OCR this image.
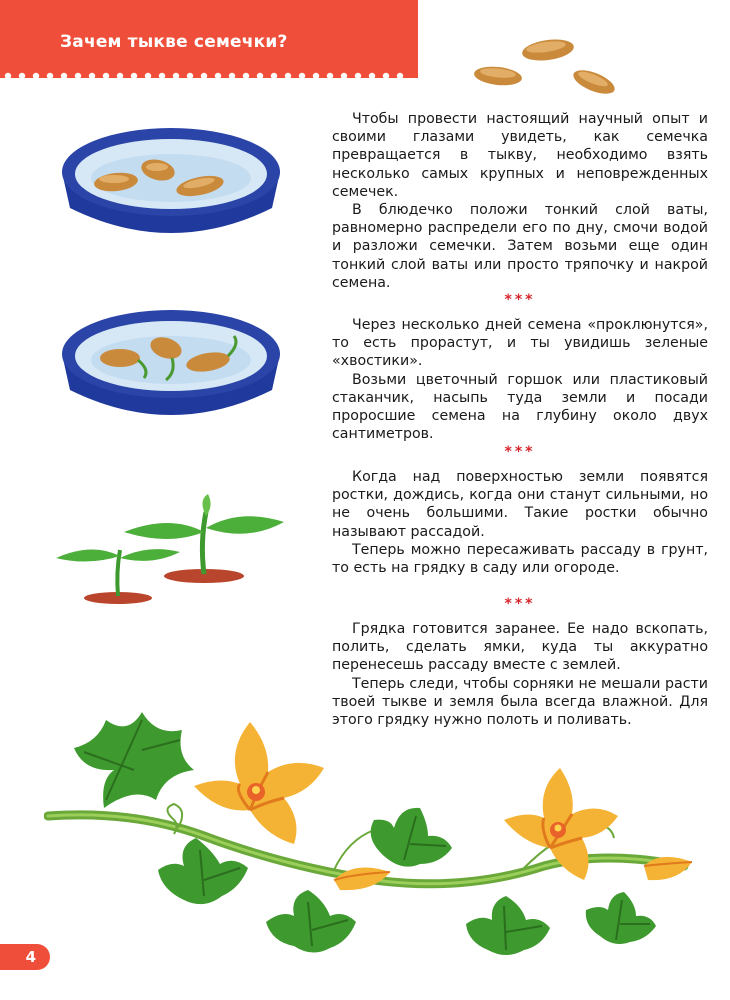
Зачем тыкве семечки?

Чтобы провести настоящий научный опыт и своими глазами увидеть, как семечка превращается в тыкву, необходимо взять несколько самых крупных и неповрежденных семечек.

В блюдечко положи тонкий слой ваты, равномерно распредели его по дну, смочи водой и разложи семечки. Затем возьми еще один тонкий слой ваты или просто тряпочку и накрой семена.

***

Через несколько дней семена «проклюнутся», то есть прорастут, и ты увидишь зеленые «хвостики».

Возьми цветочный горшок или пластиковый стаканчик, насыпь туда земли и посади проросшие семена на глубину около двух сантиметров.

***

Когда над поверхностью земли появятся ростки, дождись, когда они станут сильными, но не очень большими. Такие ростки обычно называют рассадой.

Теперь можно пересаживать рассаду в грунт, то есть на грядку в саду или огороде.

***

Грядка готовится заранее. Ее надо вскопать, полить, сделать ямки, куда ты аккуратно перенесешь рассаду вместе с землей.

Теперь следи, чтобы сорняки не мешали расти твоей тыкве и земля была всегда влажной. Для этого грядку нужно полоть и поливать.

4
